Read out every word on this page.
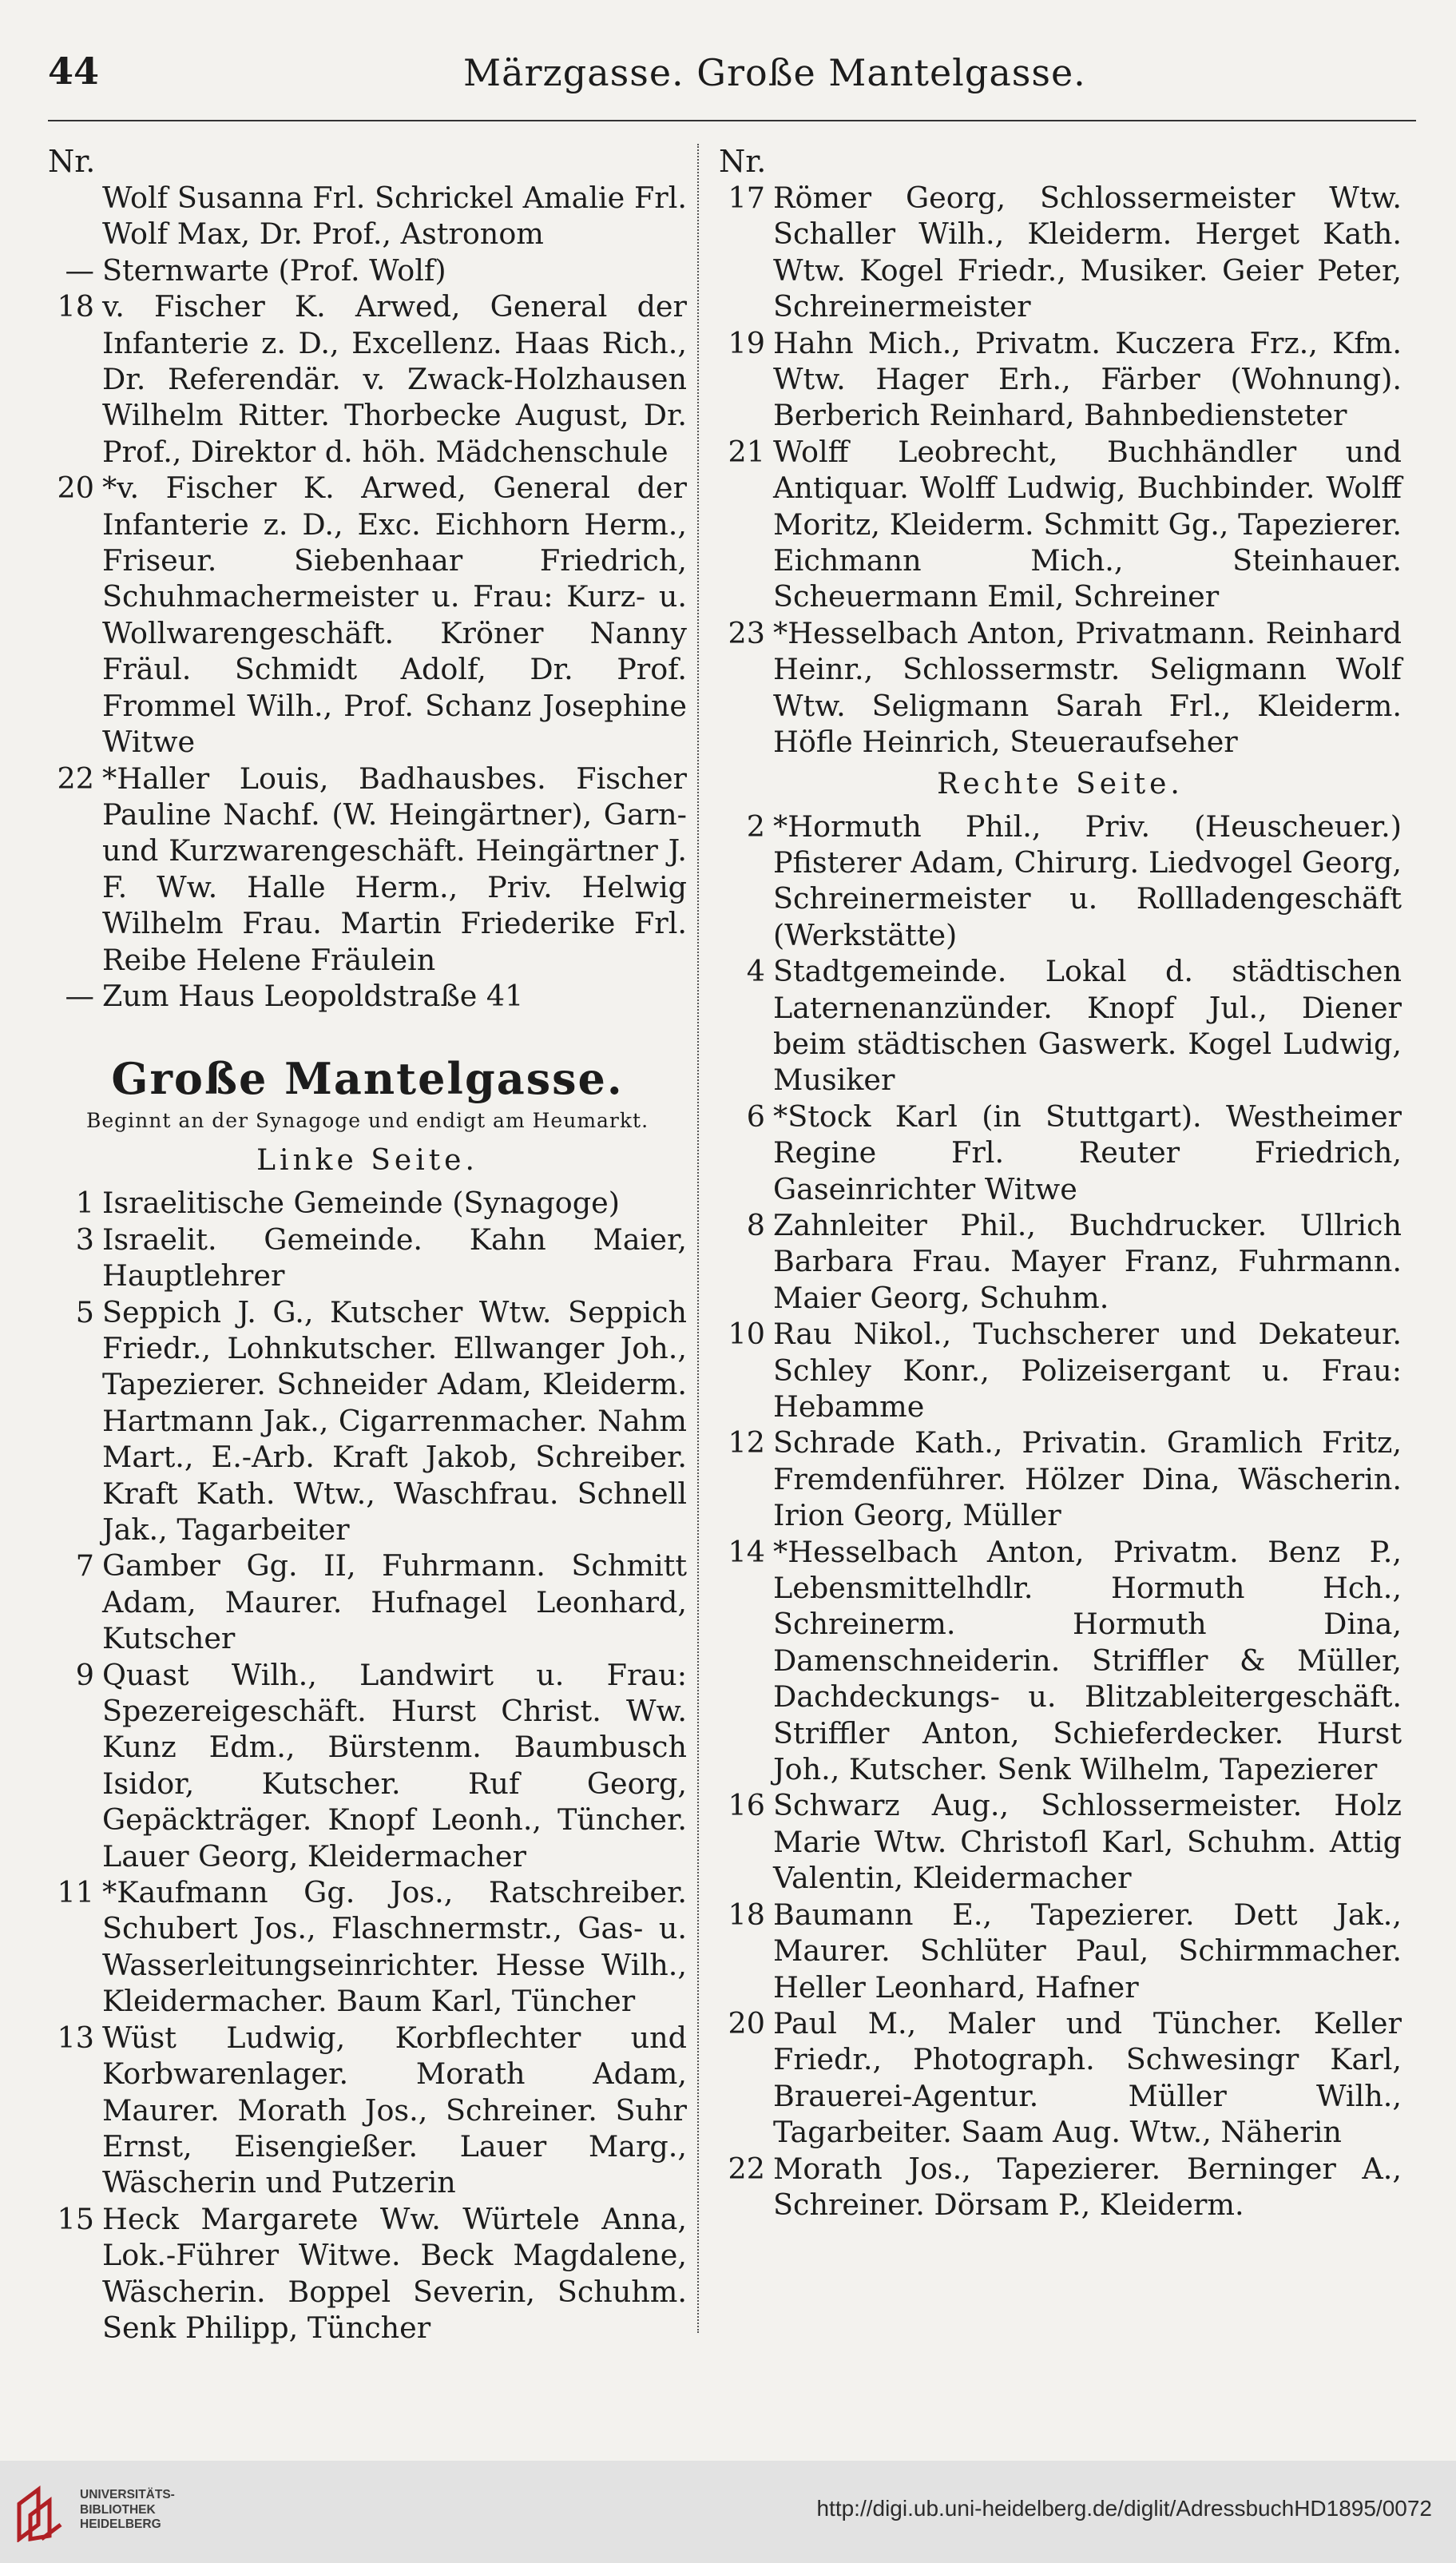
44	Märzgasse. Große Mantelgasse.
Nr.
Wolf Susanna Frl. Schrickel Amalie Frl. Wolf Max, Dr. Prof., Astronom
— Sternwarte (Prof. Wolf)
18 v. Fischer K. Arwed, General der Infanterie z. D., Excellenz. Haas Rich., Dr. Referendär. v. Zwack-Holzhausen Wilhelm Ritter. Thorbecke August, Dr. Prof., Direktor d. höh. Mädchenschule
20 *v. Fischer K. Arwed, General der Infanterie z. D., Exc. Eichhorn Herm., Friseur. Siebenhaar Friedrich, Schuhmachermeister u. Frau: Kurz- u. Wollwarengeschäft. Kröner Nanny Fräul. Schmidt Adolf, Dr. Prof. Frommel Wilh., Prof. Schanz Josephine Witwe
22 *Haller Louis, Badhausbes. Fischer Pauline Nachf. (W. Heingärtner), Garn- und Kurzwarengeschäft. Heingärtner J. F. Ww. Halle Herm., Priv. Helwig Wilhelm Frau. Martin Friederike Frl. Reibe Helene Fräulein
— Zum Haus Leopoldstraße 41
Große Mantelgasse.
Beginnt an der Synagoge und endigt am Heumarkt.
Linke Seite.
1 Israelitische Gemeinde (Synagoge)
3 Israelit. Gemeinde. Kahn Maier, Hauptlehrer
5 Seppich J. G., Kutscher Wtw. Seppich Friedr., Lohnkutscher. Ellwanger Joh., Tapezierer. Schneider Adam, Kleiderm. Hartmann Jak., Cigarrenmacher. Nahm Mart., E.-Arb. Kraft Jakob, Schreiber. Kraft Kath. Wtw., Waschfrau. Schnell Jak., Tagarbeiter
7 Gamber Gg. II, Fuhrmann. Schmitt Adam, Maurer. Hufnagel Leonhard, Kutscher
9 Quast Wilh., Landwirt u. Frau: Spezereigeschäft. Hurst Christ. Ww. Kunz Edm., Bürstenm. Baumbusch Isidor, Kutscher. Ruf Georg, Gepäckträger. Knopf Leonh., Tüncher. Lauer Georg, Kleidermacher
11 *Kaufmann Gg. Jos., Ratschreiber. Schubert Jos., Flaschnermstr., Gas- u. Wasserleitungseinrichter. Hesse Wilh., Kleidermacher. Baum Karl, Tüncher
13 Wüst Ludwig, Korbflechter und Korbwarenlager. Morath Adam, Maurer. Morath Jos., Schreiner. Suhr Ernst, Eisengießer. Lauer Marg., Wäscherin und Putzerin
15 Heck Margarete Ww. Würtele Anna, Lok.-Führer Witwe. Beck Magdalene, Wäscherin. Boppel Severin, Schuhm. Senk Philipp, Tüncher
Nr.
17 Römer Georg, Schlossermeister Wtw. Schaller Wilh., Kleiderm. Herget Kath. Wtw. Kogel Friedr., Musiker. Geier Peter, Schreinermeister
19 Hahn Mich., Privatm. Kuczera Frz., Kfm. Wtw. Hager Erh., Färber (Wohnung). Berberich Reinhard, Bahnbediensteter
21 Wolff Leobrecht, Buchhändler und Antiquar. Wolff Ludwig, Buchbinder. Wolff Moritz, Kleiderm. Schmitt Gg., Tapezierer. Eichmann Mich., Steinhauer. Scheuermann Emil, Schreiner
23 *Hesselbach Anton, Privatmann. Reinhard Heinr., Schlossermstr. Seligmann Wolf Wtw. Seligmann Sarah Frl., Kleiderm. Höfle Heinrich, Steueraufseher
Rechte Seite.
2 *Hormuth Phil., Priv. (Heuscheuer.) Pfisterer Adam, Chirurg. Liedvogel Georg, Schreinermeister u. Rollladengeschäft (Werkstätte)
4 Stadtgemeinde. Lokal d. städtischen Laternenanzünder. Knopf Jul., Diener beim städtischen Gaswerk. Kogel Ludwig, Musiker
6 *Stock Karl (in Stuttgart). Westheimer Regine Frl. Reuter Friedrich, Gaseinrichter Witwe
8 Zahnleiter Phil., Buchdrucker. Ullrich Barbara Frau. Mayer Franz, Fuhrmann. Maier Georg, Schuhm.
10 Rau Nikol., Tuchscherer und Dekateur. Schley Konr., Polizeisergant u. Frau: Hebamme
12 Schrade Kath., Privatin. Gramlich Fritz, Fremdenführer. Hölzer Dina, Wäscherin. Irion Georg, Müller
14 *Hesselbach Anton, Privatm. Benz P., Lebensmittelhdlr. Hormuth Hch., Schreinerm. Hormuth Dina, Damenschneiderin. Striffler & Müller, Dachdeckungs- u. Blitzableitergeschäft. Striffler Anton, Schieferdecker. Hurst Joh., Kutscher. Senk Wilhelm, Tapezierer
16 Schwarz Aug., Schlossermeister. Holz Marie Wtw. Christofl Karl, Schuhm. Attig Valentin, Kleidermacher
18 Baumann E., Tapezierer. Dett Jak., Maurer. Schlüter Paul, Schirmmacher. Heller Leonhard, Hafner
20 Paul M., Maler und Tüncher. Keller Friedr., Photograph. Schwesingr Karl, Brauerei-Agentur. Müller Wilh., Tagarbeiter. Saam Aug. Wtw., Näherin
22 Morath Jos., Tapezierer. Berninger A., Schreiner. Dörsam P., Kleiderm.
UNIVERSITÄTS-
BIBLIOTHEK
HEIDELBERG
http://digi.ub.uni-heidelberg.de/diglit/AdressbuchHD1895/0072
